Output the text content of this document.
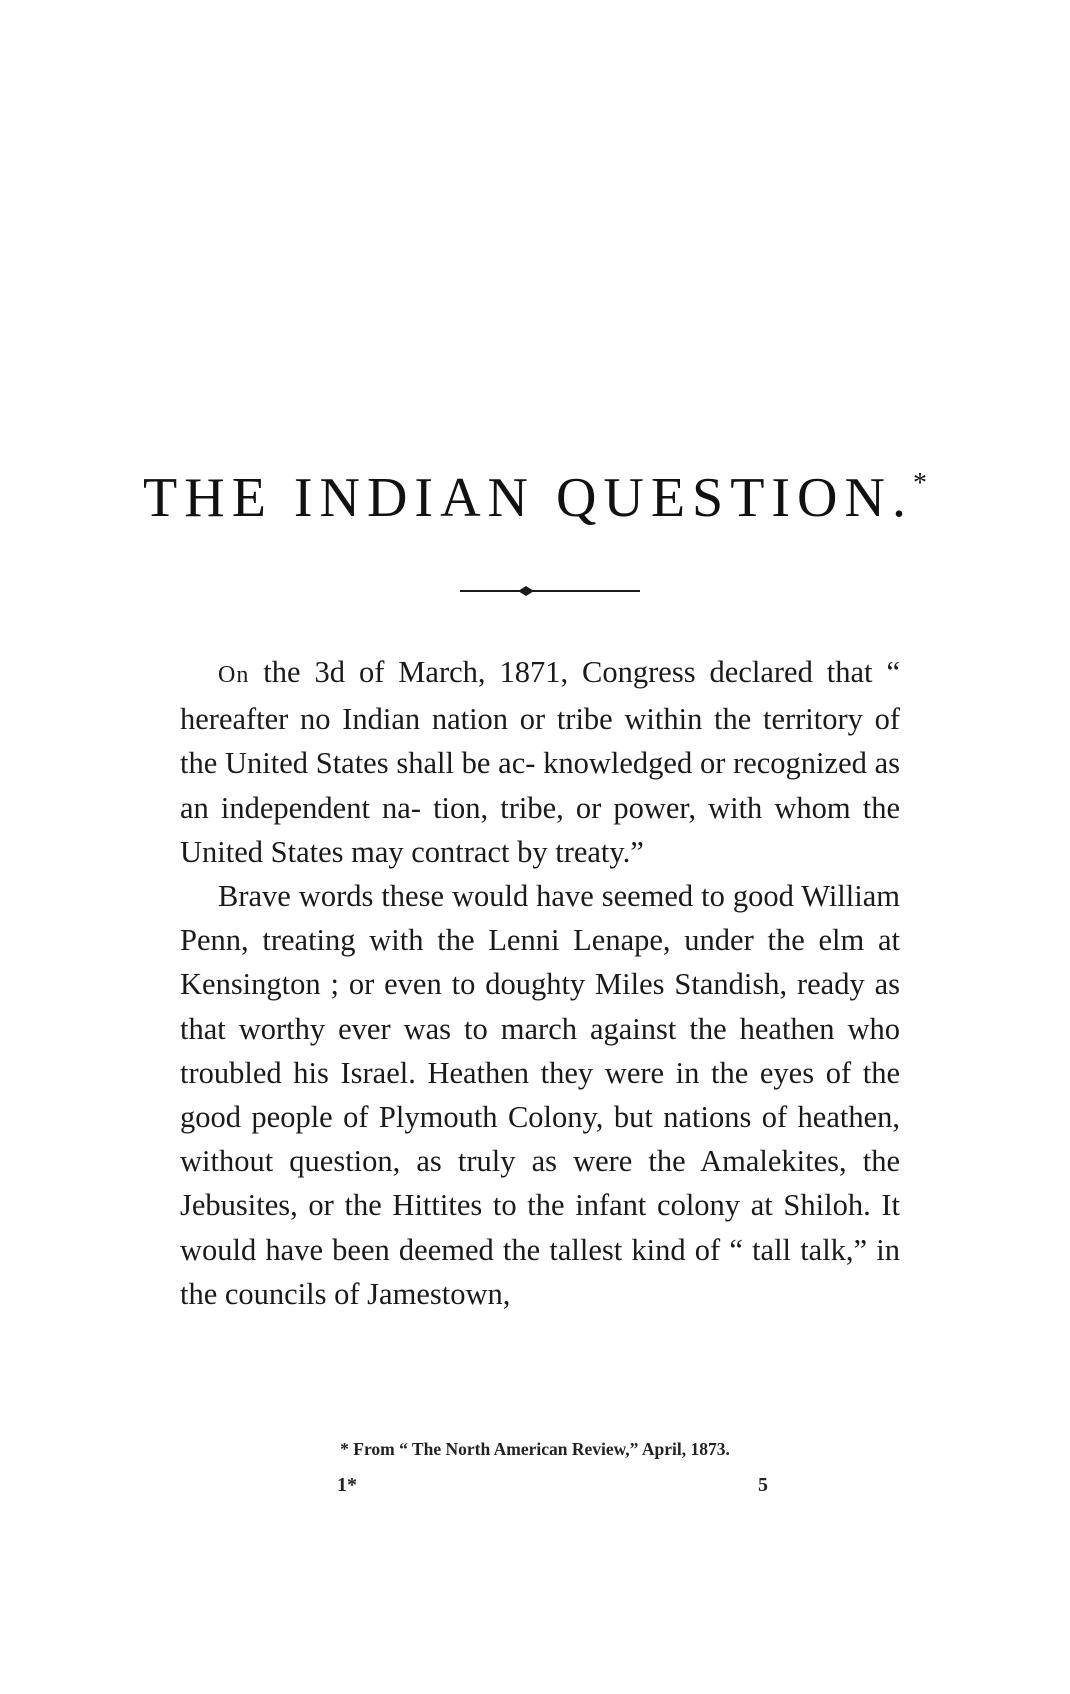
THE INDIAN QUESTION.*

On the 3d of March, 1871, Congress declared that “ hereafter no Indian nation or tribe within the territory of the United States shall be ac- knowledged or recognized as an independent na- tion, tribe, or power, with whom the United States may contract by treaty.”

Brave words these would have seemed to good William Penn, treating with the Lenni Lenape, under the elm at Kensington ; or even to doughty Miles Standish, ready as that worthy ever was to march against the heathen who troubled his Israel. Heathen they were in the eyes of the good people of Plymouth Colony, but nations of heathen, without question, as truly as were the Amalekites, the Jebusites, or the Hittites to the infant colony at Shiloh. It would have been deemed the tallest kind of “ tall talk,” in the councils of Jamestown,

* From “ The North American Review,” April, 1873.
1*	5
